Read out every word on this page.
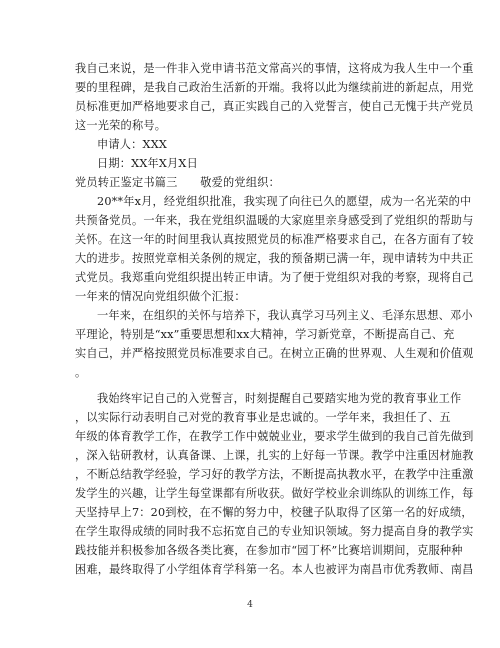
我自己来说，是一件非入党申请书范文常高兴的事情，这将成为我人生中一个重
要的里程碑，是我自己政治生活新的开端。我将以此为继续前进的新起点，用党
员标准更加严格地要求自己，真正实践自己的入党誓言，使自己无愧于共产党员
这一光荣的称号。
申请人：XXX
日期：XX年X月X日
党员转正鉴定书篇三　　敬爱的党组织：
20**年x月，经党组织批准，我实现了向往已久的愿望，成为一名光荣的中
共预备党员。一年来，我在党组织温暖的大家庭里亲身感受到了党组织的帮助与
关怀。在这一年的时间里我认真按照党员的标准严格要求自己，在各方面有了较
大的进步。按照党章相关条例的规定，我的预备期已满一年，现申请转为中共正
式党员。我郑重向党组织提出转正申请。为了便于党组织对我的考察，现将自己
一年来的情况向党组织做个汇报：
一年来，在组织的关怀与培养下，我认真学习马列主义、毛泽东思想、邓小
平理论，特别是“xx”重要思想和xx大精神，学习新党章，不断提高自己、充
实自己，并严格按照党员标准要求自己。在树立正确的世界观、人生观和价值观
。
我始终牢记自己的入党誓言，时刻提醒自己要踏实地为党的教育事业工作
，以实际行动表明自己对党的教育事业是忠诚的。一学年来，我担任了、五
年级的体育教学工作，在教学工作中兢兢业业，要求学生做到的我自己首先做到
，深入钻研教材，认真备课、上课，扎实的上好每一节课。教学中注重因材施教
，不断总结教学经验，学习好的教学方法，不断提高执教水平，在教学中注重激
发学生的兴趣，让学生每堂课都有所收获。做好学校业余训练队的训练工作，每
天坚持早上7：20到校，在不懈的努力中，校毽子队取得了区第一名的好成绩，
在学生取得成绩的同时我不忘拓宽自己的专业知识领域。努力提高自身的教学实
践技能并积极参加各级各类比赛，在参加市“园丁杯”比赛培训期间，克服种种
困难，最终取得了小学组体育学科第一名。本人也被评为南昌市优秀教师、南昌
4
